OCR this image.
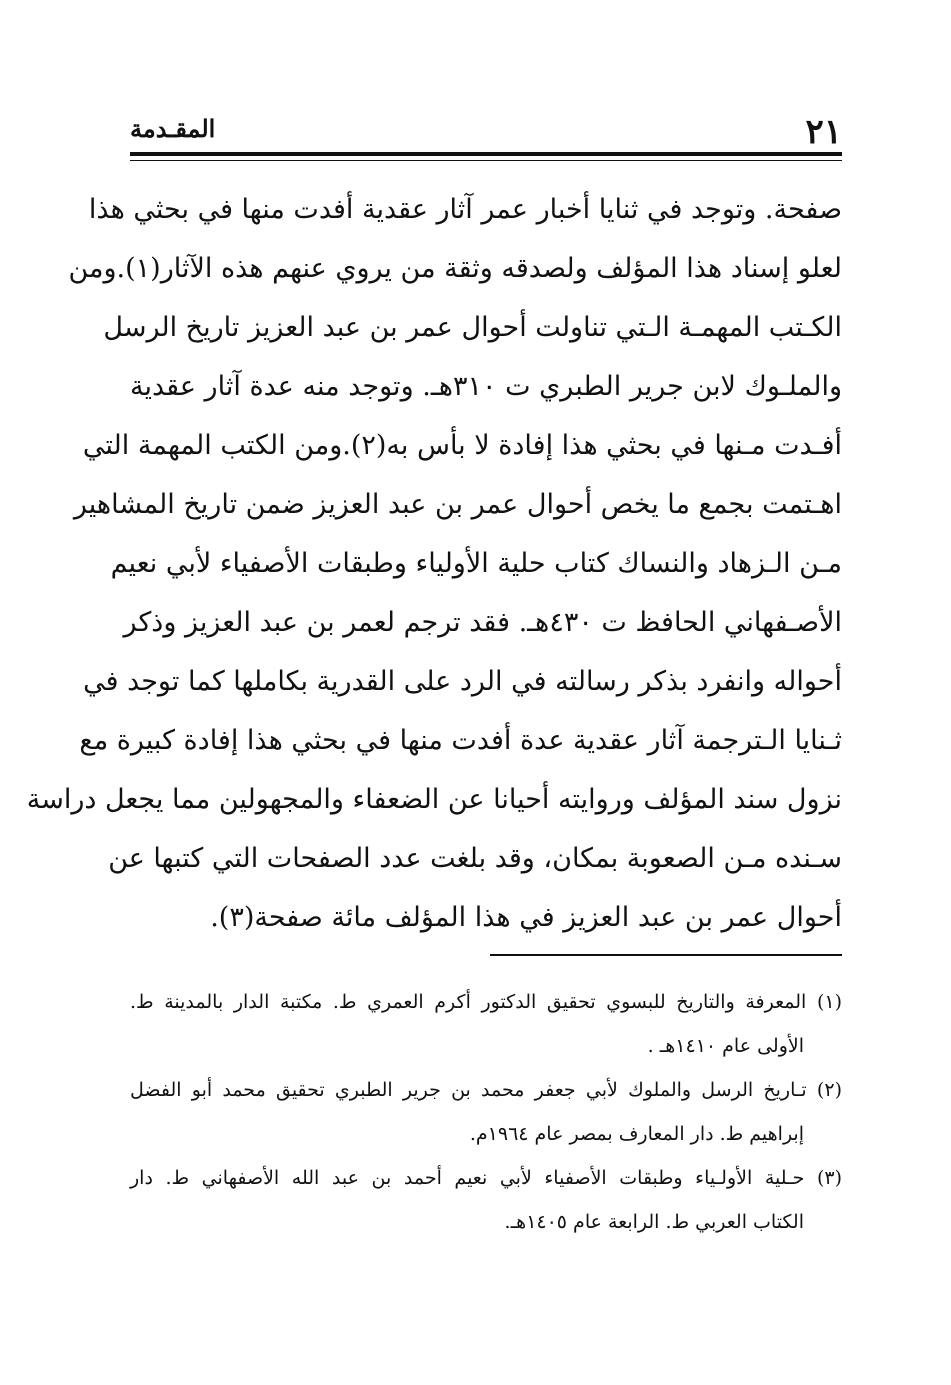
٢١
المقـدمة
صفحة. وتوجد في ثنايا أخبار عمر آثار عقدية أفدت منها في بحثي هذا
لعلو إسناد هذا المؤلف ولصدقه وثقة من يروي عنهم هذه الآثار(١).ومن
الكـتب المهمـة الـتي تناولت أحوال عمر بن عبد العزيز تاريخ الرسل
والملـوك لابن جرير الطبري ت ٣١٠هـ. وتوجد منه عدة آثار عقدية
أفـدت مـنها في بحثي هذا إفادة لا بأس به(٢).ومن الكتب المهمة التي
اهـتمت بجمع ما يخص أحوال عمر بن عبد العزيز ضمن تاريخ المشاهير
مـن الـزهاد والنساك كتاب حلية الأولياء وطبقات الأصفياء لأبي نعيم
الأصـفهاني الحافظ ت ٤٣٠هـ. فقد ترجم لعمر بن عبد العزيز وذكر
أحواله وانفرد بذكر رسالته في الرد على القدرية بكاملها كما توجد في
ثـنايا الـترجمة آثار عقدية عدة أفدت منها في بحثي هذا إفادة كبيرة مع
نزول سند المؤلف وروايته أحيانا عن الضعفاء والمجهولين مما يجعل دراسة
سـنده مـن الصعوبة بمكان، وقد بلغت عدد الصفحات التي كتبها عن
أحوال عمر بن عبد العزيز في هذا المؤلف مائة صفحة(٣).
(١) المعرفة والتاريخ للبسوي تحقيق الدكتور أكرم العمري ط. مكتبة الدار بالمدينة ط.
الأولى عام ١٤١٠هـ .
(٢) تـاريخ الرسل والملوك لأبي جعفر محمد بن جرير الطبري تحقيق محمد أبو الفضل
إبراهيم ط. دار المعارف بمصر عام ١٩٦٤م.
(٣) حـلية الأولـياء وطبقات الأصفياء لأبي نعيم أحمد بن عبد الله الأصفهاني ط. دار
الكتاب العربي ط. الرابعة عام ١٤٠٥هـ.
